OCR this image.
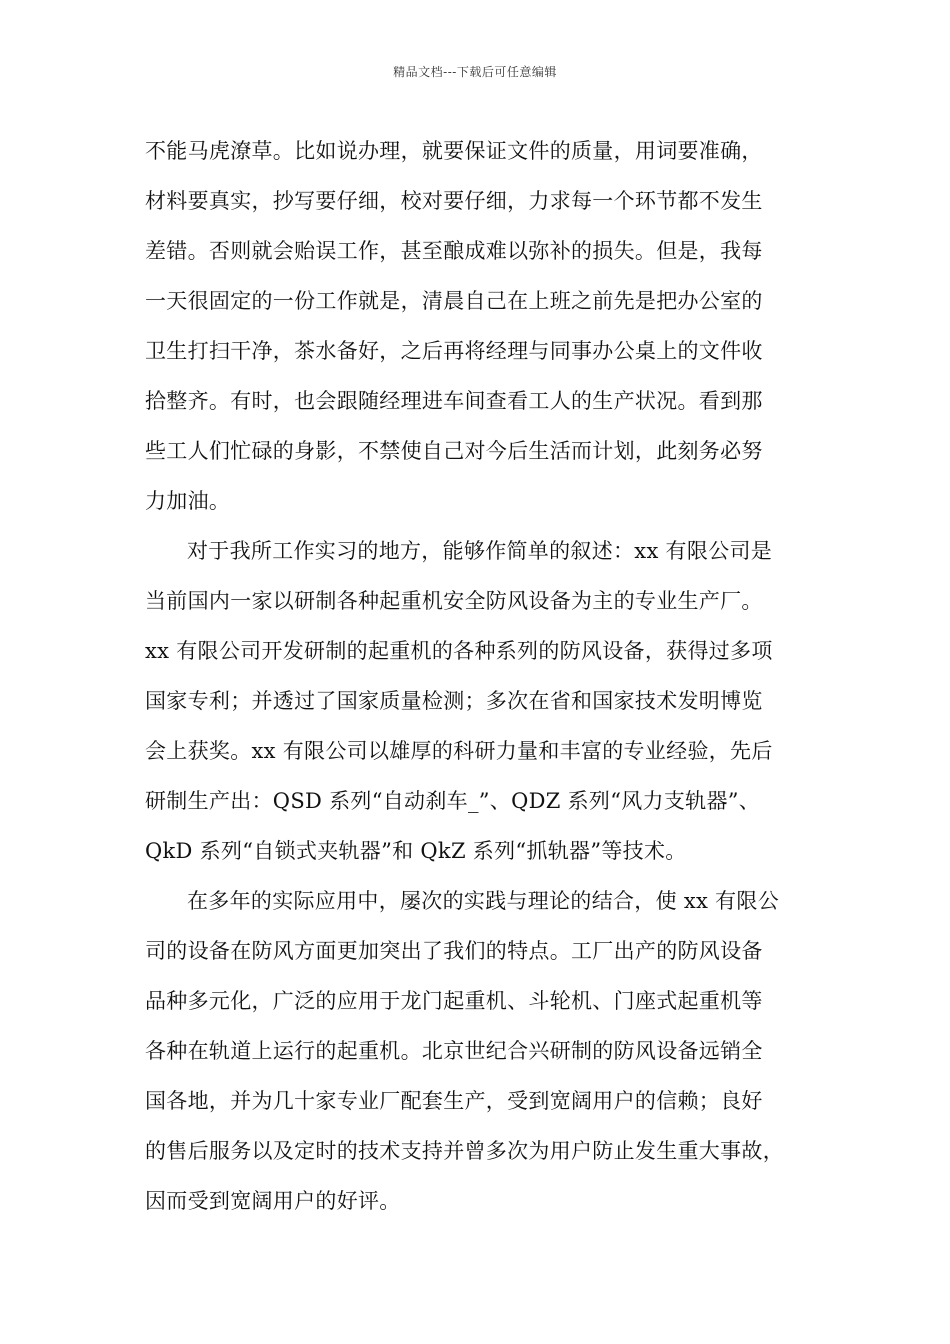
精品文档---下载后可任意编辑
不能马虎潦草。比如说办理，就要保证文件的质量，用词要准确，
材料要真实，抄写要仔细，校对要仔细，力求每一个环节都不发生
差错。否则就会贻误工作，甚至酿成难以弥补的损失。但是，我每
一天很固定的一份工作就是，清晨自己在上班之前先是把办公室的
卫生打扫干净，茶水备好，之后再将经理与同事办公桌上的文件收
拾整齐。有时，也会跟随经理进车间查看工人的生产状况。看到那
些工人们忙碌的身影，不禁使自己对今后生活而计划，此刻务必努
力加油。
对于我所工作实习的地方，能够作简单的叙述：xx 有限公司是
当前国内一家以研制各种起重机安全防风设备为主的专业生产厂。
xx 有限公司开发研制的起重机的各种系列的防风设备，获得过多项
国家专利；并透过了国家质量检测；多次在省和国家技术发明博览
会上获奖。xx 有限公司以雄厚的科研力量和丰富的专业经验，先后
研制生产出：QSD 系列“自动刹车_”、QDZ 系列“风力支轨器”、
QkD 系列“自锁式夹轨器”和 QkZ 系列“抓轨器”等技术。
在多年的实际应用中，屡次的实践与理论的结合，使 xx 有限公
司的设备在防风方面更加突出了我们的特点。工厂出产的防风设备
品种多元化，广泛的应用于龙门起重机、斗轮机、门座式起重机等
各种在轨道上运行的起重机。北京世纪合兴研制的防风设备远销全
国各地，并为几十家专业厂配套生产，受到宽阔用户的信赖；良好
的售后服务以及定时的技术支持并曾多次为用户防止发生重大事故，
因而受到宽阔用户的好评。
